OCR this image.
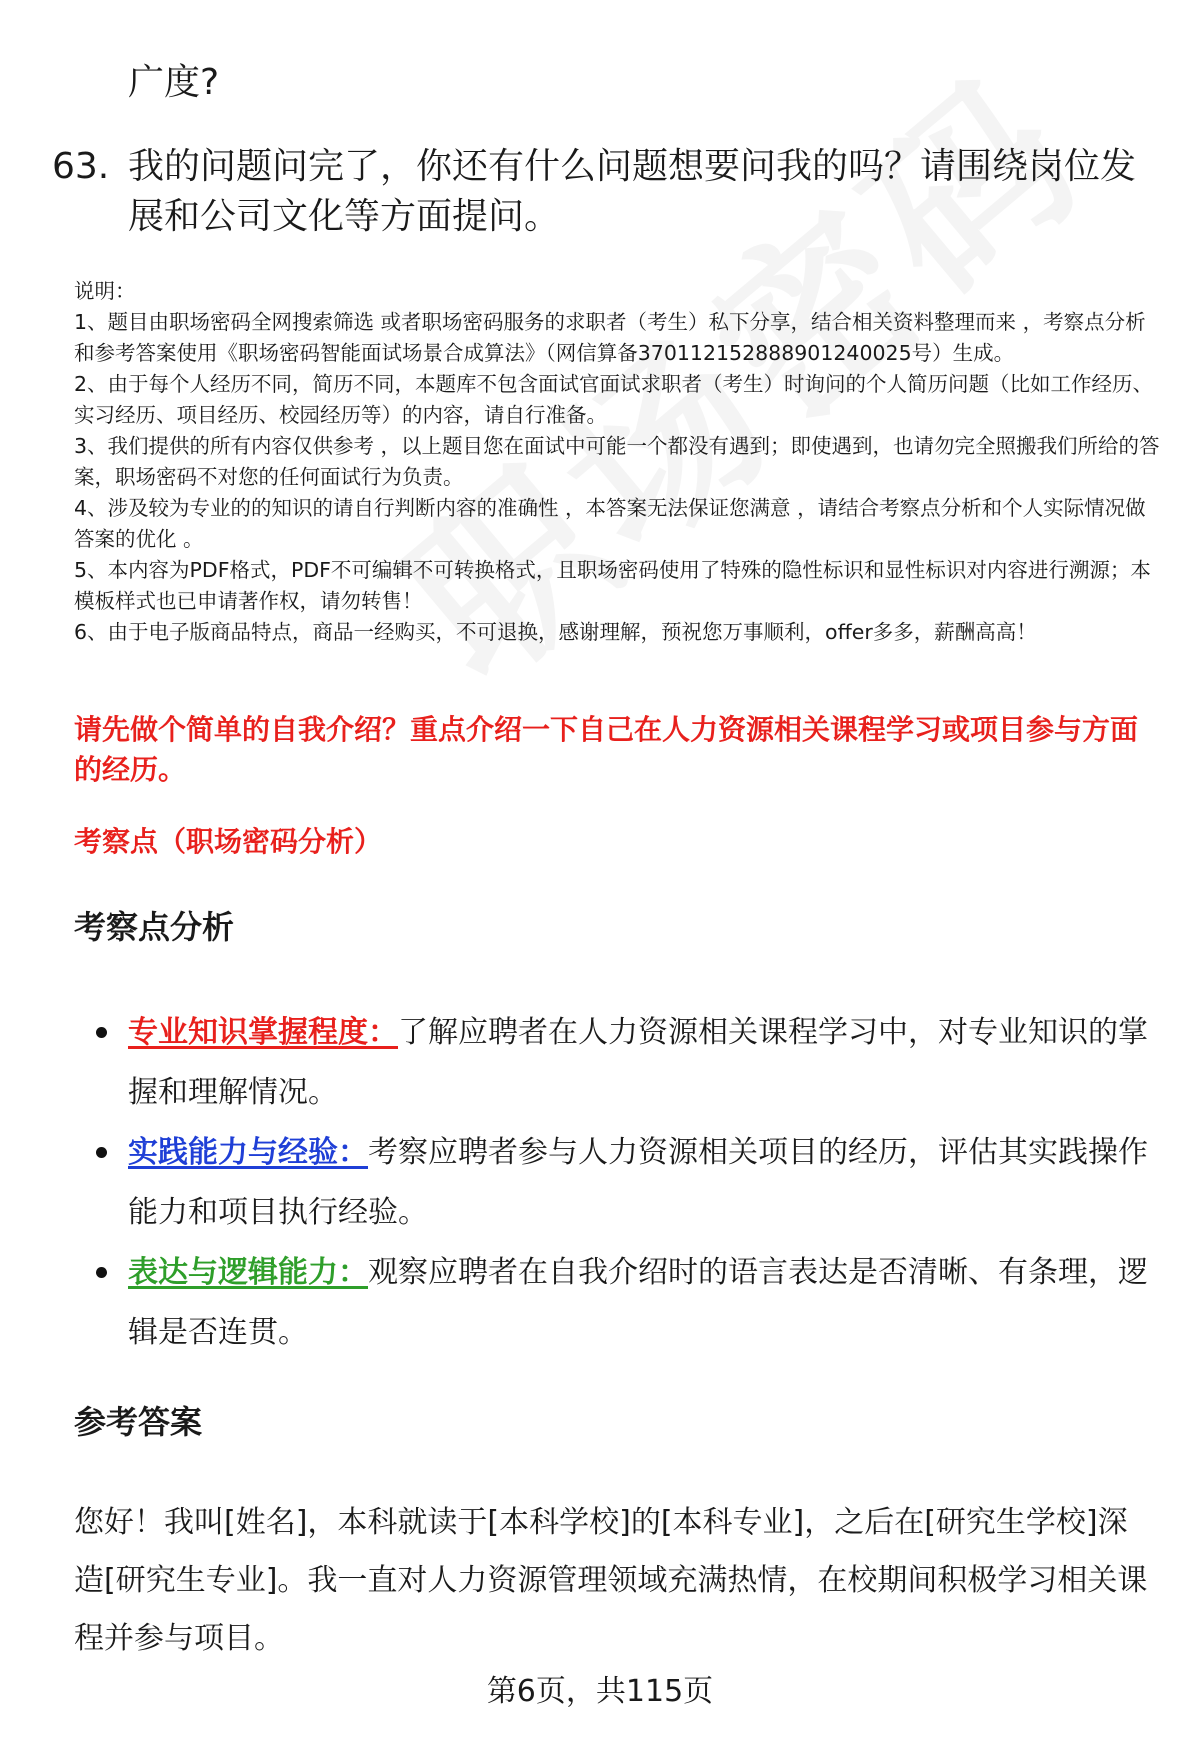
广度?
63. 我的问题问完了，你还有什么问题想要问我的吗？请围绕岗位发展和公司文化等方面提问。
说明：
1、题目由职场密码全网搜索筛选 或者职场密码服务的求职者（考生）私下分享，结合相关资料整理而来 ，考察点分析和参考答案使用《职场密码智能面试场景合成算法》（网信算备370112152888901240025号）生成。
2、由于每个人经历不同，简历不同，本题库不包含面试官面试求职者（考生）时询问的个人简历问题（比如工作经历、实习经历、项目经历、校园经历等）的内容，请自行准备。
3、我们提供的所有内容仅供参考 ，以上题目您在面试中可能一个都没有遇到；即使遇到，也请勿完全照搬我们所给的答案，职场密码不对您的任何面试行为负责。
4、涉及较为专业的的知识的请自行判断内容的准确性 ，本答案无法保证您满意 ，请结合考察点分析和个人实际情况做答案的优化 。
5、本内容为PDF格式，PDF不可编辑不可转换格式，且职场密码使用了特殊的隐性标识和显性标识对内容进行溯源；本模板样式也已申请著作权，请勿转售！
6、由于电子版商品特点，商品一经购买，不可退换，感谢理解，预祝您万事顺利，offer多多，薪酬高高！
请先做个简单的自我介绍？重点介绍一下自己在人力资源相关课程学习或项目参与方面的经历。
考察点（职场密码分析）
考察点分析
专业知识掌握程度：了解应聘者在人力资源相关课程学习中，对专业知识的掌握和理解情况。
实践能力与经验：考察应聘者参与人力资源相关项目的经历，评估其实践操作能力和项目执行经验。
表达与逻辑能力：观察应聘者在自我介绍时的语言表达是否清晰、有条理，逻辑是否连贯。
参考答案
您好！我叫[姓名]，本科就读于[本科学校]的[本科专业]，之后在[研究生学校]深造[研究生专业]。我一直对人力资源管理领域充满热情，在校期间积极学习相关课程并参与项目。
第6页，共115页
